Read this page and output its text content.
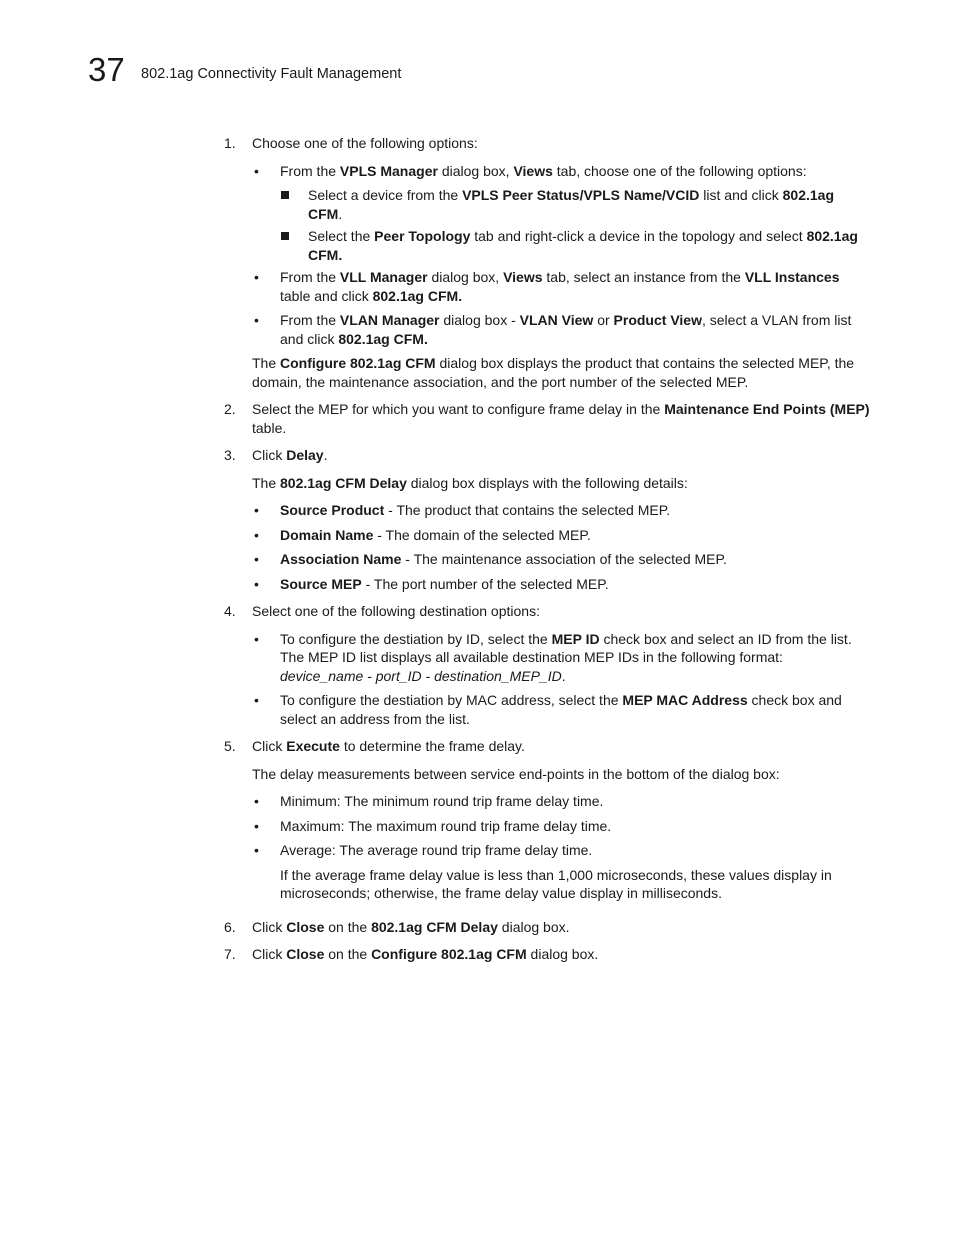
37 802.1ag Connectivity Fault Management
1. Choose one of the following options:

• From the VPLS Manager dialog box, Views tab, choose one of the following options:
Select a device from the VPLS Peer Status/VPLS Name/VCID list and click 802.1ag CFM.
Select the Peer Topology tab and right-click a device in the topology and select 802.1ag CFM.
• From the VLL Manager dialog box, Views tab, select an instance from the VLL Instances table and click 802.1ag CFM.
• From the VLAN Manager dialog box - VLAN View or Product View, select a VLAN from list and click 802.1ag CFM.

The Configure 802.1ag CFM dialog box displays the product that contains the selected MEP, the domain, the maintenance association, and the port number of the selected MEP.

2. Select the MEP for which you want to configure frame delay in the Maintenance End Points (MEP) table.

3. Click Delay.

The 802.1ag CFM Delay dialog box displays with the following details:

• Source Product - The product that contains the selected MEP.
• Domain Name - The domain of the selected MEP.
• Association Name - The maintenance association of the selected MEP.
• Source MEP - The port number of the selected MEP.
4. Select one of the following destination options:

• To configure the destiation by ID, select the MEP ID check box and select an ID from the list. The MEP ID list displays all available destination MEP IDs in the following format: device_name - port_ID - destination_MEP_ID.
• To configure the destiation by MAC address, select the MEP MAC Address check box and select an address from the list.
5. Click Execute to determine the frame delay.

The delay measurements between service end-points in the bottom of the dialog box:

• Minimum: The minimum round trip frame delay time.
• Maximum: The maximum round trip frame delay time.
• Average: The average round trip frame delay time.

If the average frame delay value is less than 1,000 microseconds, these values display in microseconds; otherwise, the frame delay value display in milliseconds.

6. Click Close on the 802.1ag CFM Delay dialog box.

7. Click Close on the Configure 802.1ag CFM dialog box.
